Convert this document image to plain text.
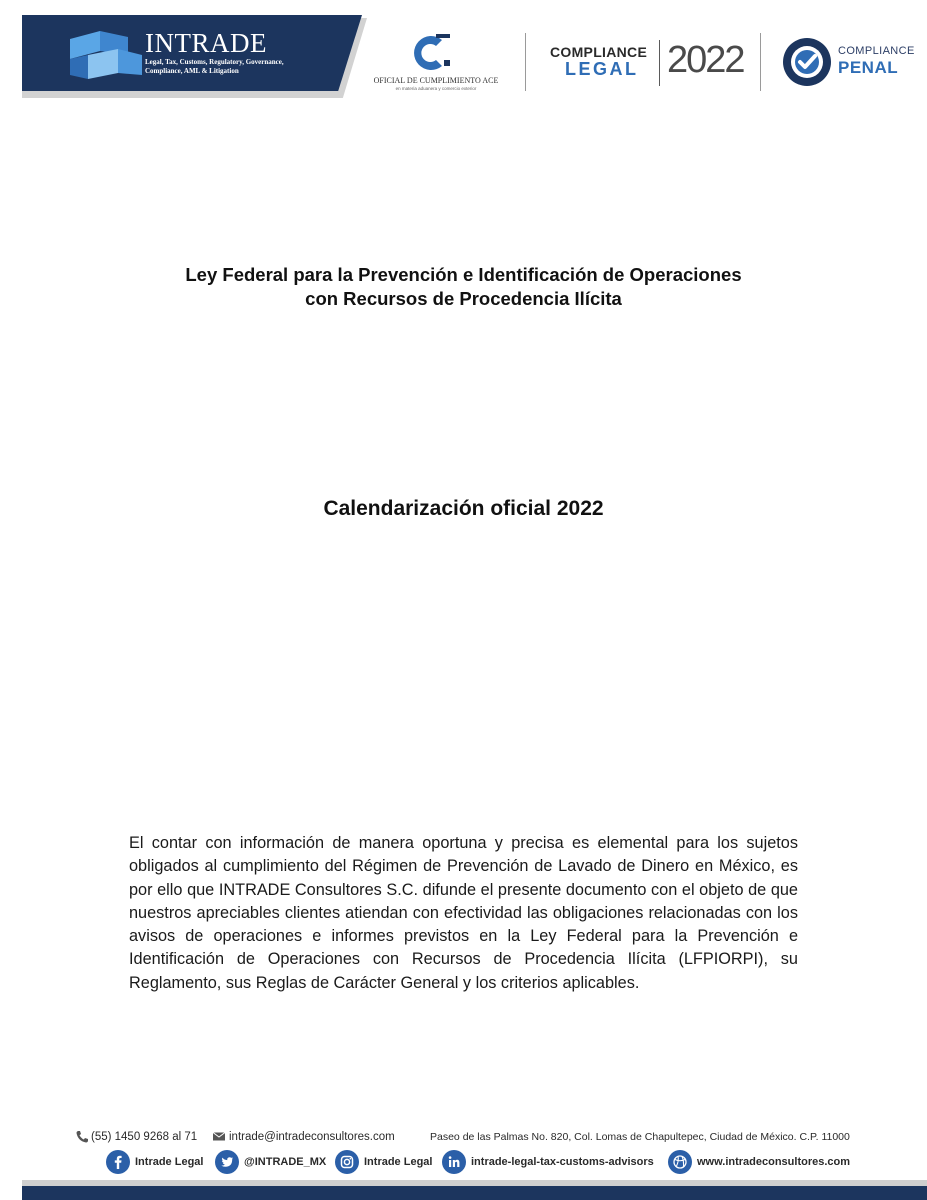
INTRADE
Legal, Tax, Customs, Regulatory, Governance, Compliance, AML & Litigation
OFICIAL DE CUMPLIMIENTO ACE
en materia aduanera y comercio exterior
COMPLIANCE
LEGAL 2022	COMPLIANCE
PENAL
Ley Federal para la Prevención e Identificación de Operaciones
con Recursos de Procedencia Ilícita
Calendarización oficial 2022

El contar con información de manera oportuna y precisa es elemental para los sujetos obligados al cumplimiento del Régimen de Prevención de Lavado de Dinero en México, es por ello que INTRADE Consultores S.C. difunde el presente documento con el objeto de que nuestros apreciables clientes atiendan con efectividad las obligaciones relacionadas con los avisos de operaciones e informes previstos en la Ley Federal para la Prevención e Identificación de Operaciones con Recursos de Procedencia Ilícita (LFPIORPI), su Reglamento, sus Reglas de Carácter General y los criterios aplicables.

(55) 1450 9268 al 71	intrade@intradeconsultores.com	Paseo de las Palmas No. 820, Col. Lomas de Chapultepec, Ciudad de México. C.P. 11000
Intrade Legal	@INTRADE_MX	Intrade Legal	intrade-legal-tax-customs-advisors	www.intradeconsultores.com
